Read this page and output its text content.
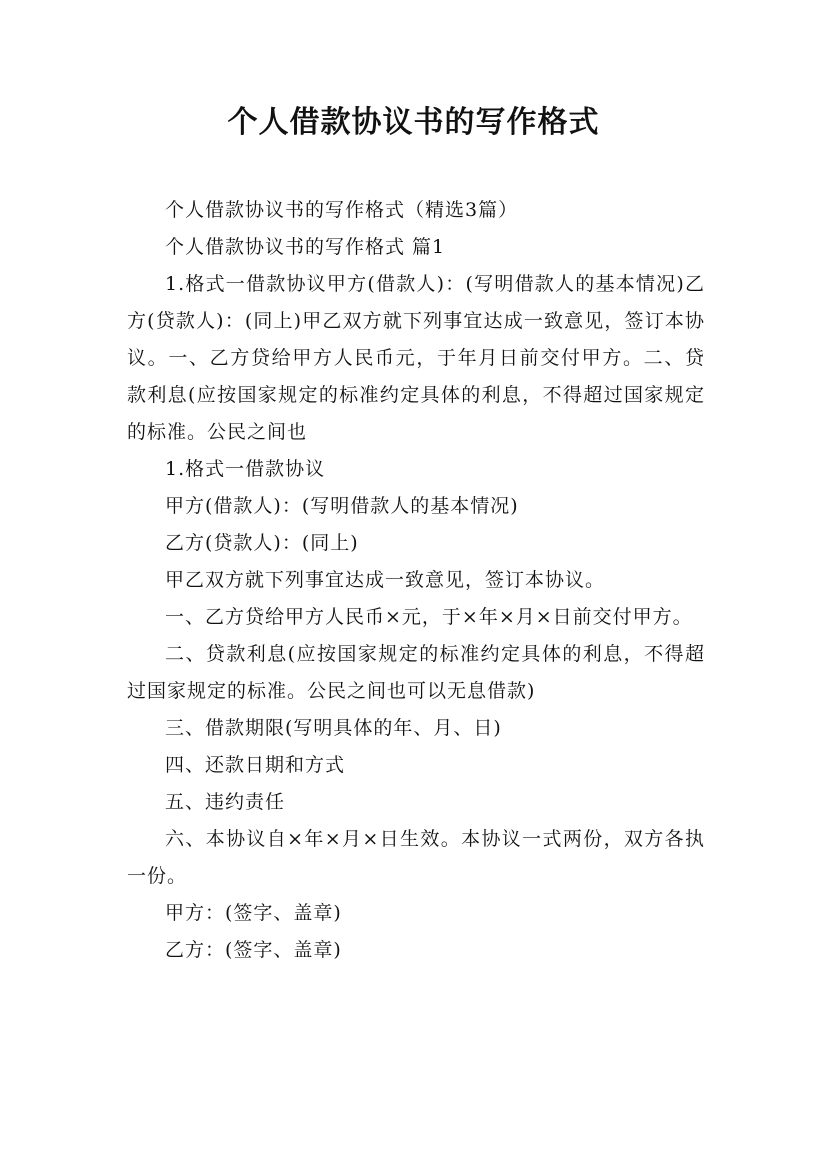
个人借款协议书的写作格式

个人借款协议书的写作格式（精选3篇）

个人借款协议书的写作格式 篇1

1.格式一借款协议甲方(借款人)：(写明借款人的基本情况)乙方(贷款人)：(同上)甲乙双方就下列事宜达成一致意见，签订本协议。一、乙方贷给甲方人民币元，于年月日前交付甲方。二、贷款利息(应按国家规定的标准约定具体的利息，不得超过国家规定的标准。公民之间也

1.格式一借款协议

甲方(借款人)：(写明借款人的基本情况)

乙方(贷款人)：(同上)

甲乙双方就下列事宜达成一致意见，签订本协议。

一、乙方贷给甲方人民币×元，于×年×月×日前交付甲方。

二、贷款利息(应按国家规定的标准约定具体的利息，不得超过国家规定的标准。公民之间也可以无息借款)

三、借款期限(写明具体的年、月、日)

四、还款日期和方式

五、违约责任

六、本协议自×年×月×日生效。本协议一式两份，双方各执一份。

甲方：(签字、盖章)

乙方：(签字、盖章)
